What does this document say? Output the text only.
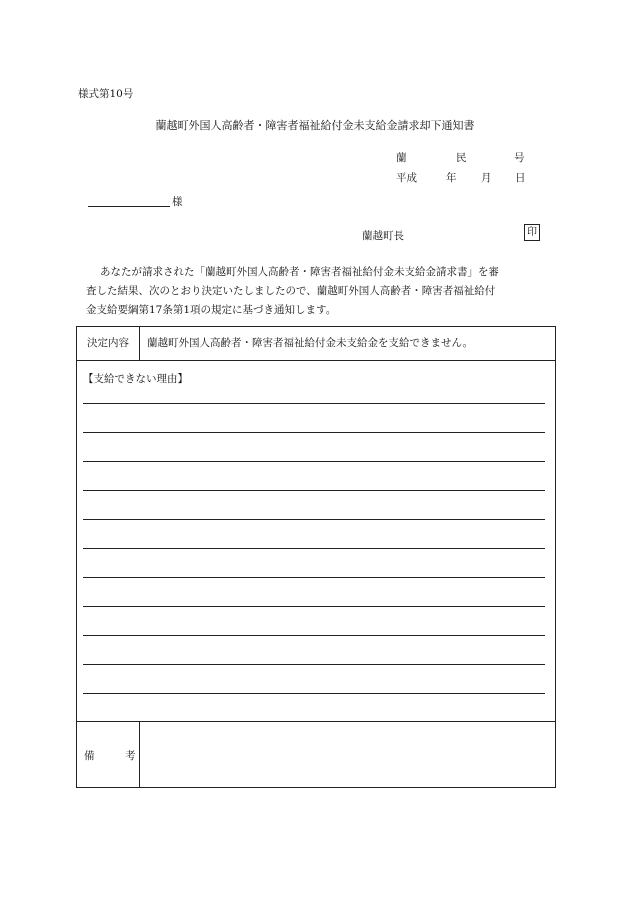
様式第10号
蘭越町外国人高齢者・障害者福祉給付金未支給金請求却下通知書
蘭	民	号
平成	年 月 日
様
蘭越町長	印
あなたが請求された「蘭越町外国人高齢者・障害者福祉給付金未支給金請求書」を審
査した結果、次のとおり決定いたしましたので、蘭越町外国人高齢者・障害者福祉給付
金支給要綱第17条第1項の規定に基づき通知します。
決定内容	蘭越町外国人高齢者・障害者福祉給付金未支給金を支給できません。
【支給できない理由】
備	考
